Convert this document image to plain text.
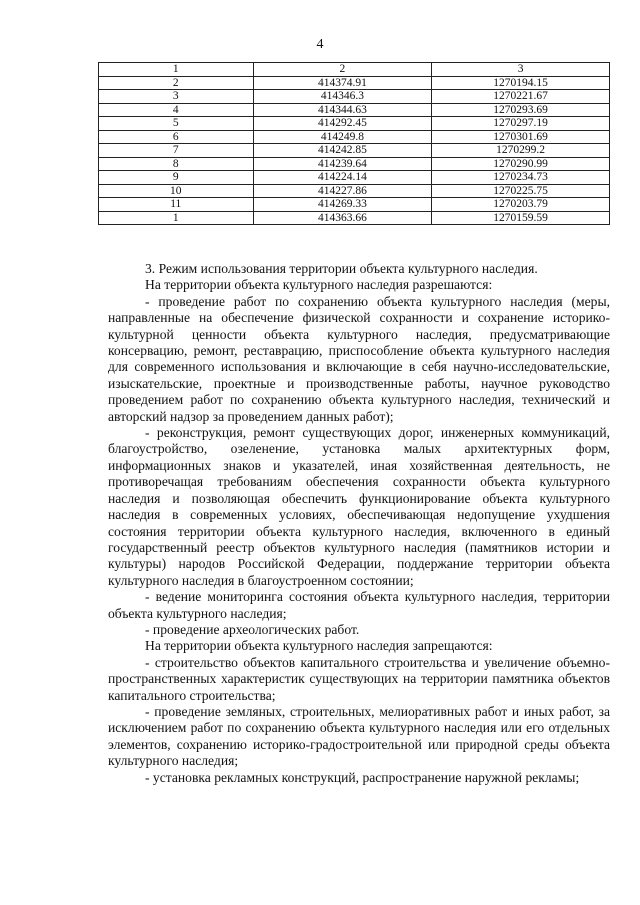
4
1	2	3
2	414374.91	1270194.15
3	414346.3	1270221.67
4	414344.63	1270293.69
5	414292.45	1270297.19
6	414249.8	1270301.69
7	414242.85	1270299.2
8	414239.64	1270290.99
9	414224.14	1270234.73
10	414227.86	1270225.75
11	414269.33	1270203.79
1	414363.66	1270159.59

3. Режим использования территории объекта культурного наследия.

На территории объекта культурного наследия разрешаются:

- проведение работ по сохранению объекта культурного наследия (меры, направленные на обеспечение физической сохранности и сохранение историко-культурной ценности объекта культурного наследия, предусматривающие консервацию, ремонт, реставрацию, приспособление объекта культурного наследия для современного использования и включающие в себя научно-исследовательские, изыскательские, проектные и производственные работы, научное руководство проведением работ по сохранению объекта культурного наследия, технический и авторский надзор за проведением данных работ);

- реконструкция, ремонт существующих дорог, инженерных коммуникаций, благоустройство, озеленение, установка малых архитектурных форм, информационных знаков и указателей, иная хозяйственная деятельность, не противоречащая требованиям обеспечения сохранности объекта культурного наследия и позволяющая обеспечить функционирование объекта культурного наследия в современных условиях, обеспечивающая недопущение ухудшения состояния территории объекта культурного наследия, включенного в единый государственный реестр объектов культурного наследия (памятников истории и культуры) народов Российской Федерации, поддержание территории объекта культурного наследия в благоустроенном состоянии;

- ведение мониторинга состояния объекта культурного наследия, территории объекта культурного наследия;

- проведение археологических работ.

На территории объекта культурного наследия запрещаются:

- строительство объектов капитального строительства и увеличение объемно-пространственных характеристик существующих на территории памятника объектов капитального строительства;

- проведение земляных, строительных, мелиоративных работ и иных работ, за исключением работ по сохранению объекта культурного наследия или его отдельных элементов, сохранению историко-градостроительной или природной среды объекта культурного наследия;

- установка рекламных конструкций, распространение наружной рекламы;
